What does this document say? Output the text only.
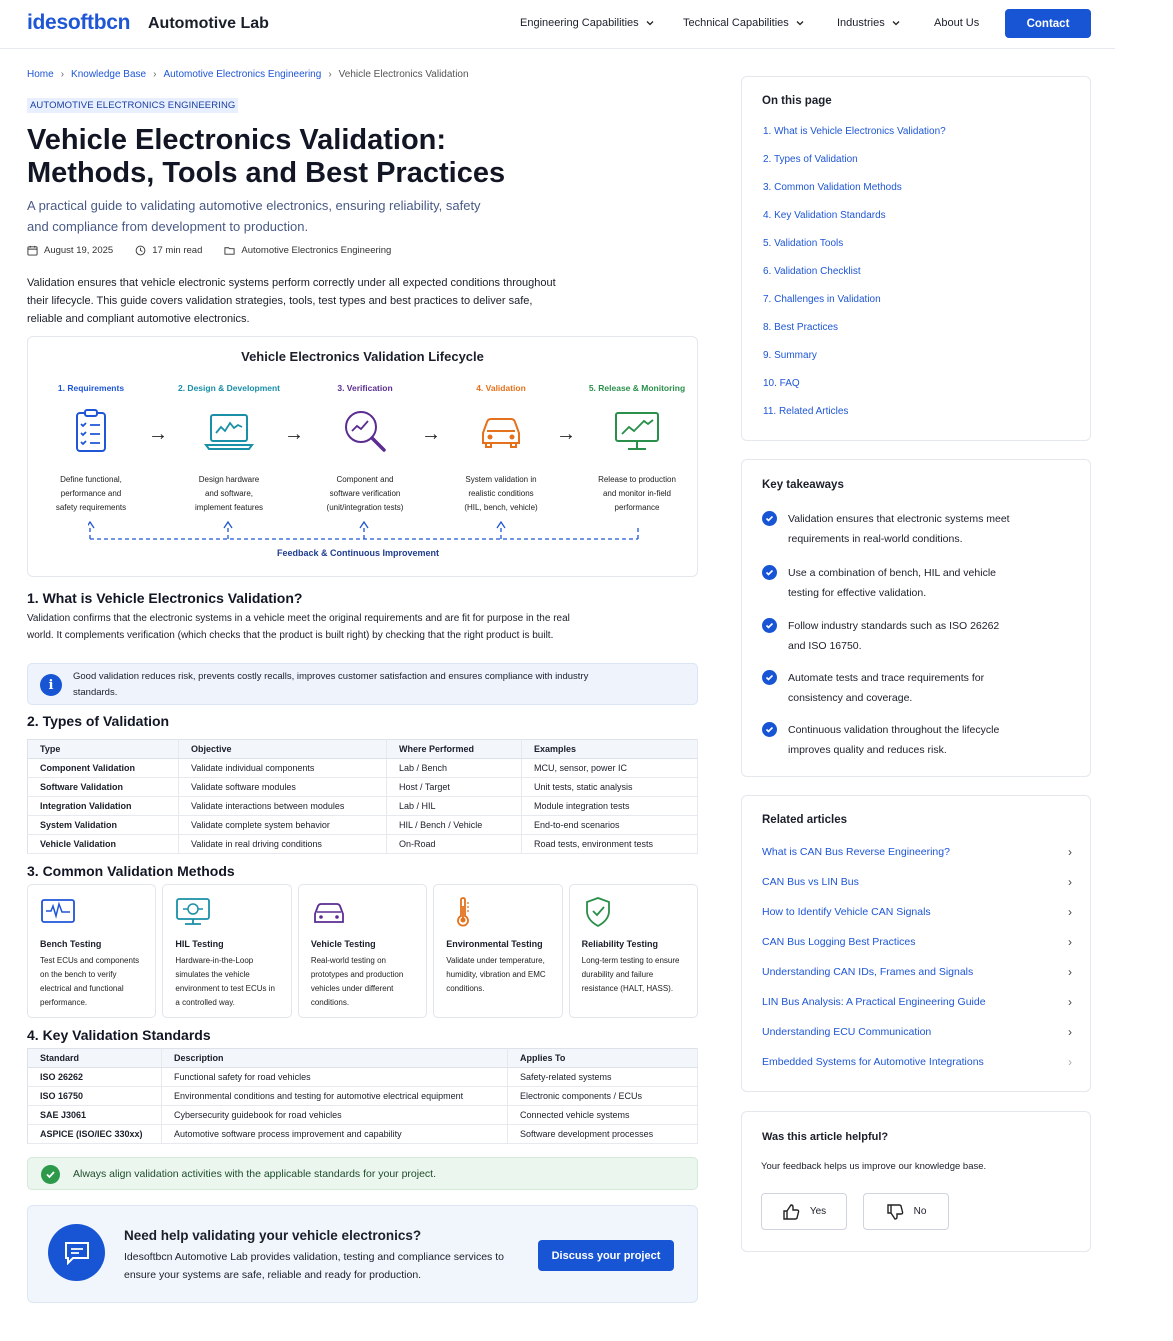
idesoftbcn Automotive Lab	Engineering Capabilities	Technical Capabilities	Industries	About Us	Contact
Home › Knowledge Base › Automotive Electronics Engineering › Vehicle Electronics Validation
AUTOMOTIVE ELECTRONICS ENGINEERING
Vehicle Electronics Validation: Methods, Tools and Best Practices

A practical guide to validating automotive electronics, ensuring reliability, safety and compliance from development to production.

August 19, 2025	17 min read	Automotive Electronics Engineering

Validation ensures that vehicle electronic systems perform correctly under all expected conditions throughout their lifecycle. This guide covers validation strategies, tools, test types and best practices to deliver safe, reliable and compliant automotive electronics.

Vehicle Electronics Validation Lifecycle
1. Requirements
Define functional,
performance and
safety requirements
→
2. Design & Development
Design hardware
and software,
implement features
→
3. Verification
Component and
software verification
(unit/integration tests)
→
4. Validation
System validation in
realistic conditions
(HIL, bench, vehicle)
→
5. Release & Monitoring
Release to production
and monitor in-field
performance
Feedback & Continuous Improvement
1. What is Vehicle Electronics Validation?

Validation confirms that the electronic systems in a vehicle meet the original requirements and are fit for purpose in the real world. It complements verification (which checks that the product is built right) by checking that the right product is built.

i
Good validation reduces risk, prevents costly recalls, improves customer satisfaction and ensures compliance with industry standards.
2. Types of Validation
Type	Objective	Where Performed	Examples
Component Validation	Validate individual components	Lab / Bench	MCU, sensor, power IC
Software Validation	Validate software modules	Host / Target	Unit tests, static analysis
Integration Validation	Validate interactions between modules	Lab / HIL	Module integration tests
System Validation	Validate complete system behavior	HIL / Bench / Vehicle	End-to-end scenarios
Vehicle Validation	Validate in real driving conditions	On-Road	Road tests, environment tests
3. Common Validation Methods
Bench Testing
Test ECUs and components on the bench to verify electrical and functional performance.
HIL Testing
Hardware-in-the-Loop simulates the vehicle environment to test ECUs in a controlled way.
Vehicle Testing
Real-world testing on prototypes and production vehicles under different conditions.
Environmental Testing
Validate under temperature, humidity, vibration and EMC conditions.
Reliability Testing
Long-term testing to ensure durability and failure resistance (HALT, HASS).
4. Key Validation Standards
Standard	Description	Applies To
ISO 26262	Functional safety for road vehicles	Safety-related systems
ISO 16750	Environmental conditions and testing for automotive electrical equipment	Electronic components / ECUs
SAE J3061	Cybersecurity guidebook for road vehicles	Connected vehicle systems
ASPICE (ISO/IEC 330xx)	Automotive software process improvement and capability	Software development processes
Always align validation activities with the applicable standards for your project.
Need help validating your vehicle electronics?
Idesoftbcn Automotive Lab provides validation, testing and compliance services to ensure your systems are safe, reliable and ready for production.
Discuss your project
On this page
1. What is Vehicle Electronics Validation?
2. Types of Validation
3. Common Validation Methods
4. Key Validation Standards
5. Validation Tools
6. Validation Checklist
7. Challenges in Validation
8. Best Practices
9. Summary
10. FAQ
11. Related Articles
Key takeaways
Validation ensures that electronic systems meet
requirements in real-world conditions.
Use a combination of bench, HIL and vehicle
testing for effective validation.
Follow industry standards such as ISO 26262
and ISO 16750.
Automate tests and trace requirements for
consistency and coverage.
Continuous validation throughout the lifecycle
improves quality and reduces risk.
Related articles
What is CAN Bus Reverse Engineering?	›
CAN Bus vs LIN Bus	›
How to Identify Vehicle CAN Signals	›
CAN Bus Logging Best Practices	›
Understanding CAN IDs, Frames and Signals	›
LIN Bus Analysis: A Practical Engineering Guide	›
Understanding ECU Communication	›
Embedded Systems for Automotive Integrations	›
Was this article helpful?
Your feedback helps us improve our knowledge base.
Yes	No
